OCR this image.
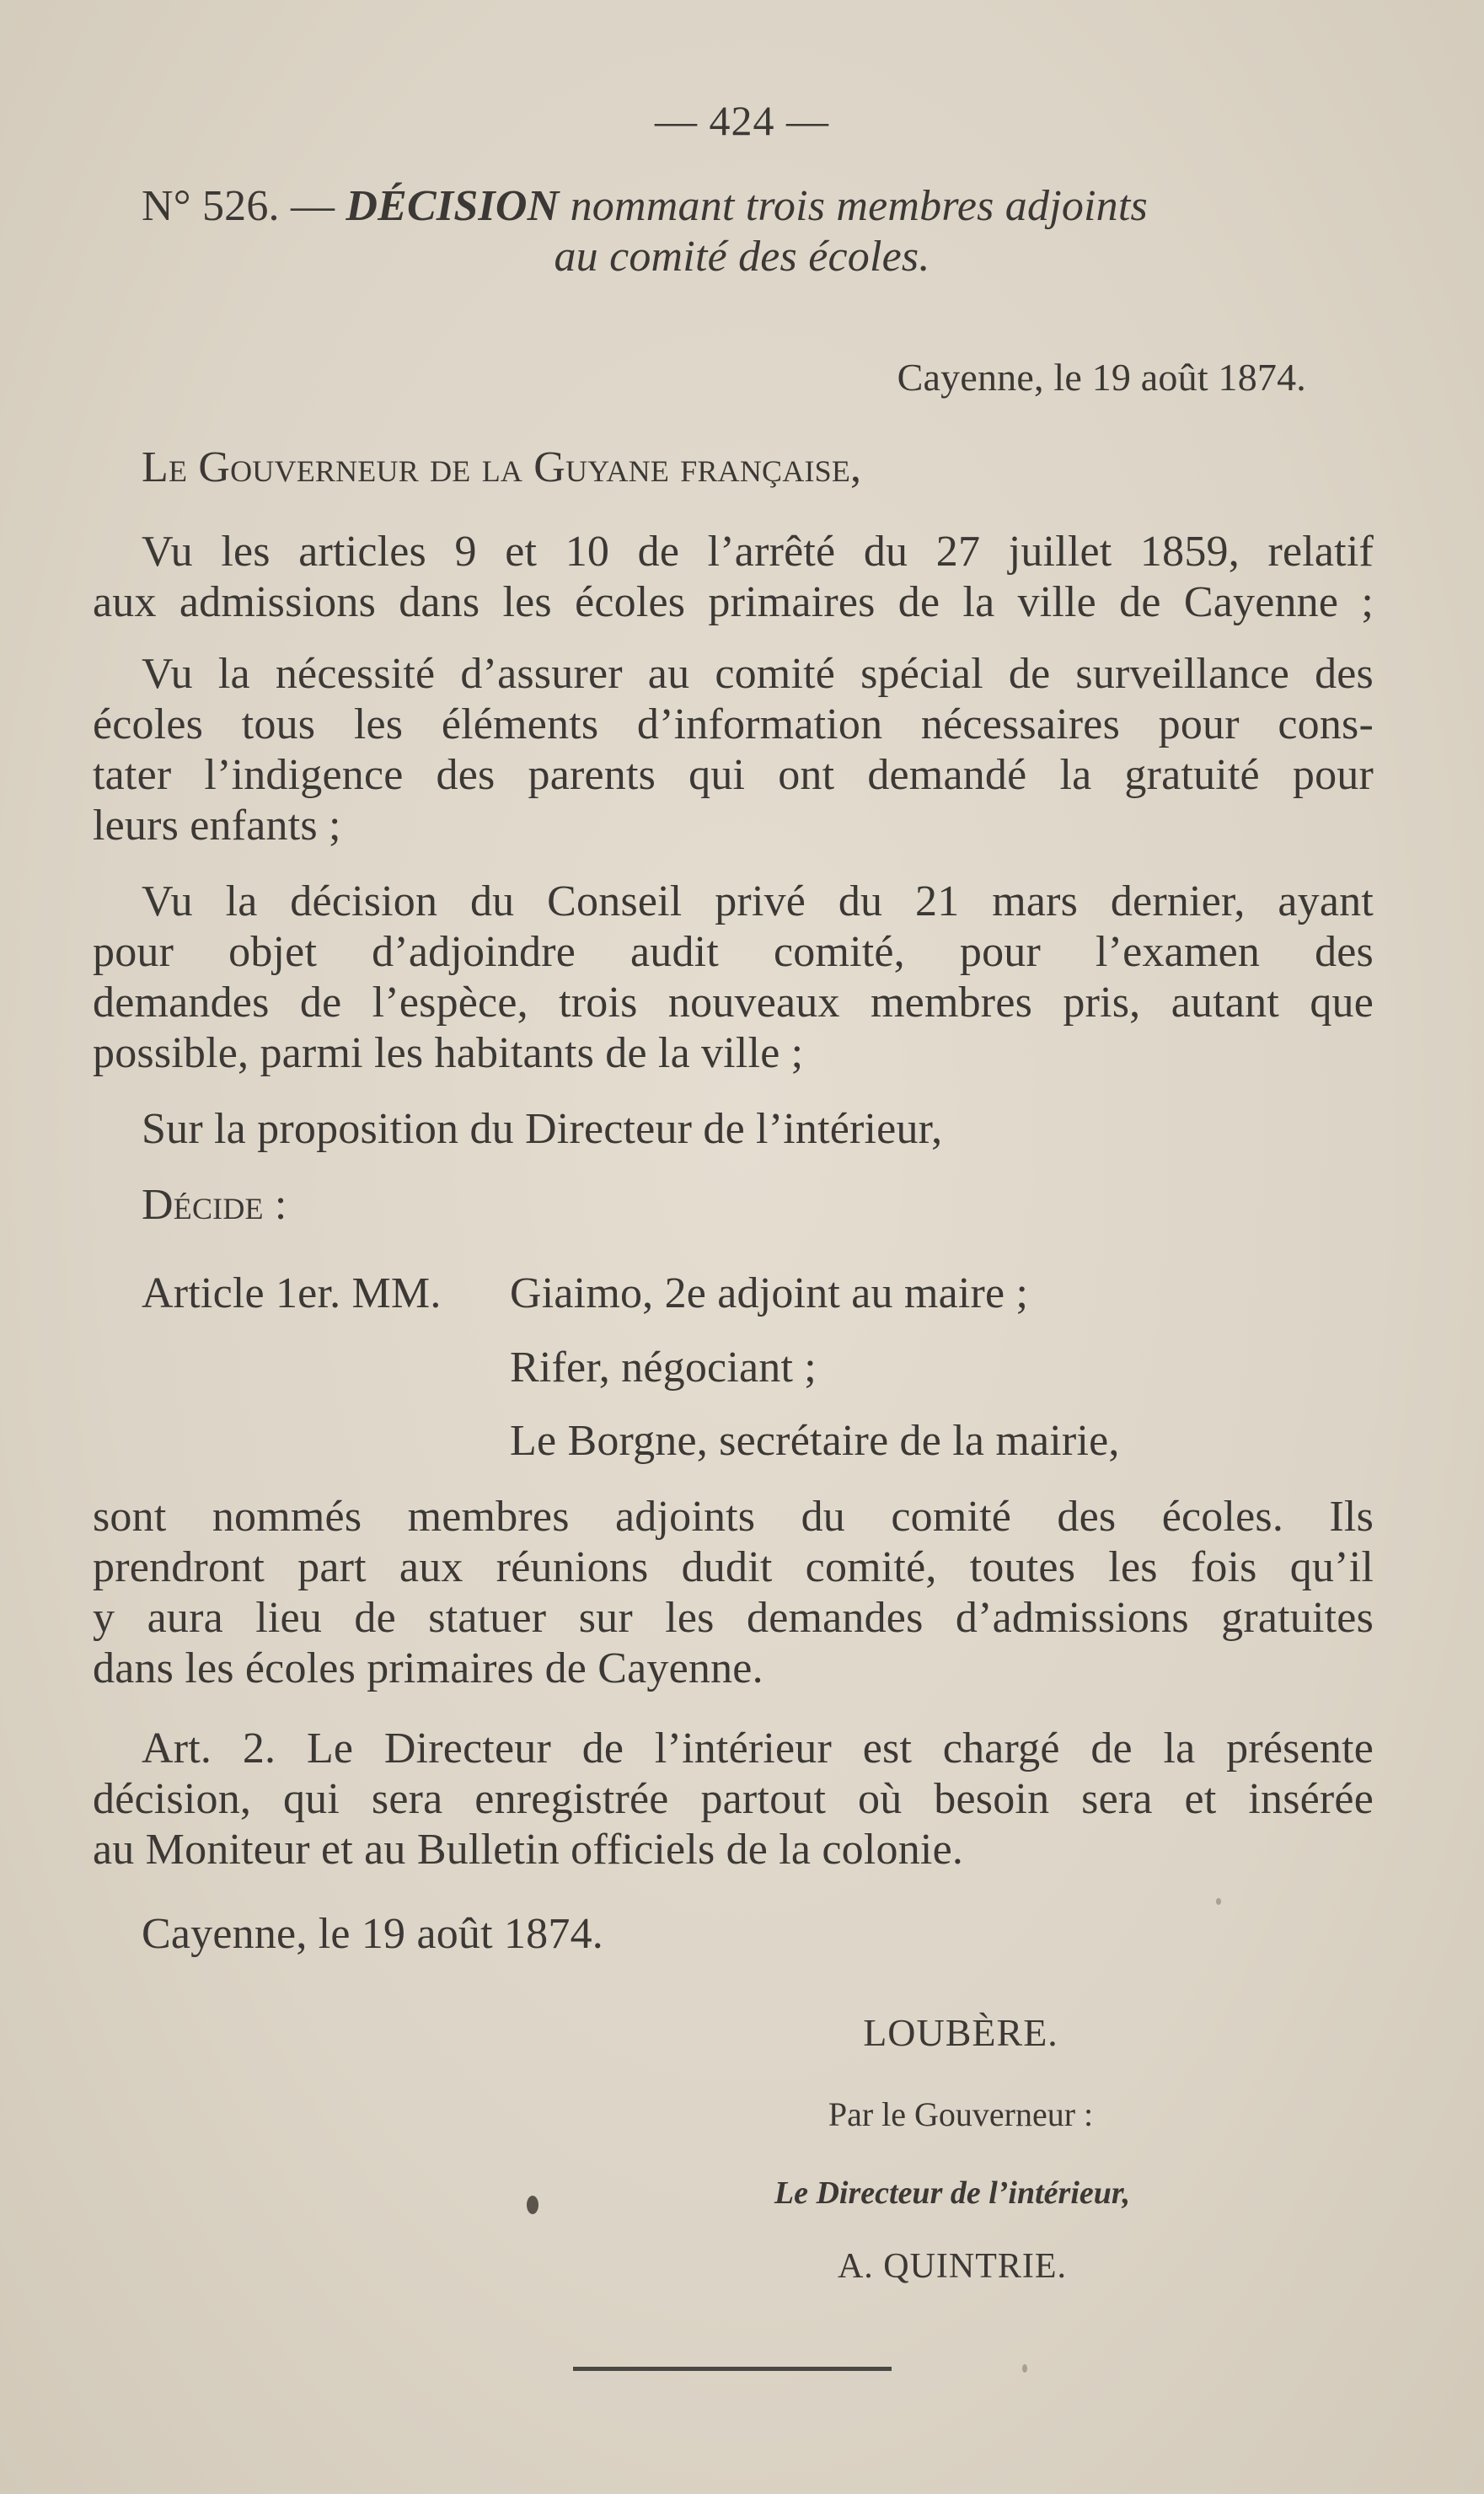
— 424 —
N° 526. — DÉCISION nommant trois membres adjoints
au comité des écoles.
Cayenne, le 19 août 1874.
Le Gouverneur de la Guyane française,
Vu les articles 9 et 10 de l’arrêté du 27 juillet 1859, relatif
aux admissions dans les écoles primaires de la ville de Cayenne ;
Vu la nécessité d’assurer au comité spécial de surveillance des
écoles tous les éléments d’information nécessaires pour cons-
tater l’indigence des parents qui ont demandé la gratuité pour
leurs enfants ;
Vu la décision du Conseil privé du 21 mars dernier, ayant
pour objet d’adjoindre audit comité, pour l’examen des
demandes de l’espèce, trois nouveaux membres pris, autant que
possible, parmi les habitants de la ville ;
Sur la proposition du Directeur de l’intérieur,
Décide :
Article 1er. MM.	Giaimo, 2e adjoint au maire ;
Rifer, négociant ;
Le Borgne, secrétaire de la mairie,
sont nommés membres adjoints du comité des écoles. Ils
prendront part aux réunions dudit comité, toutes les fois qu’il
y aura lieu de statuer sur les demandes d’admissions gratuites
dans les écoles primaires de Cayenne.
Art. 2. Le Directeur de l’intérieur est chargé de la présente
décision, qui sera enregistrée partout où besoin sera et insérée
au Moniteur et au Bulletin officiels de la colonie.
Cayenne, le 19 août 1874.
LOUBÈRE.
Par le Gouverneur :
Le Directeur de l’intérieur,
A. QUINTRIE.
